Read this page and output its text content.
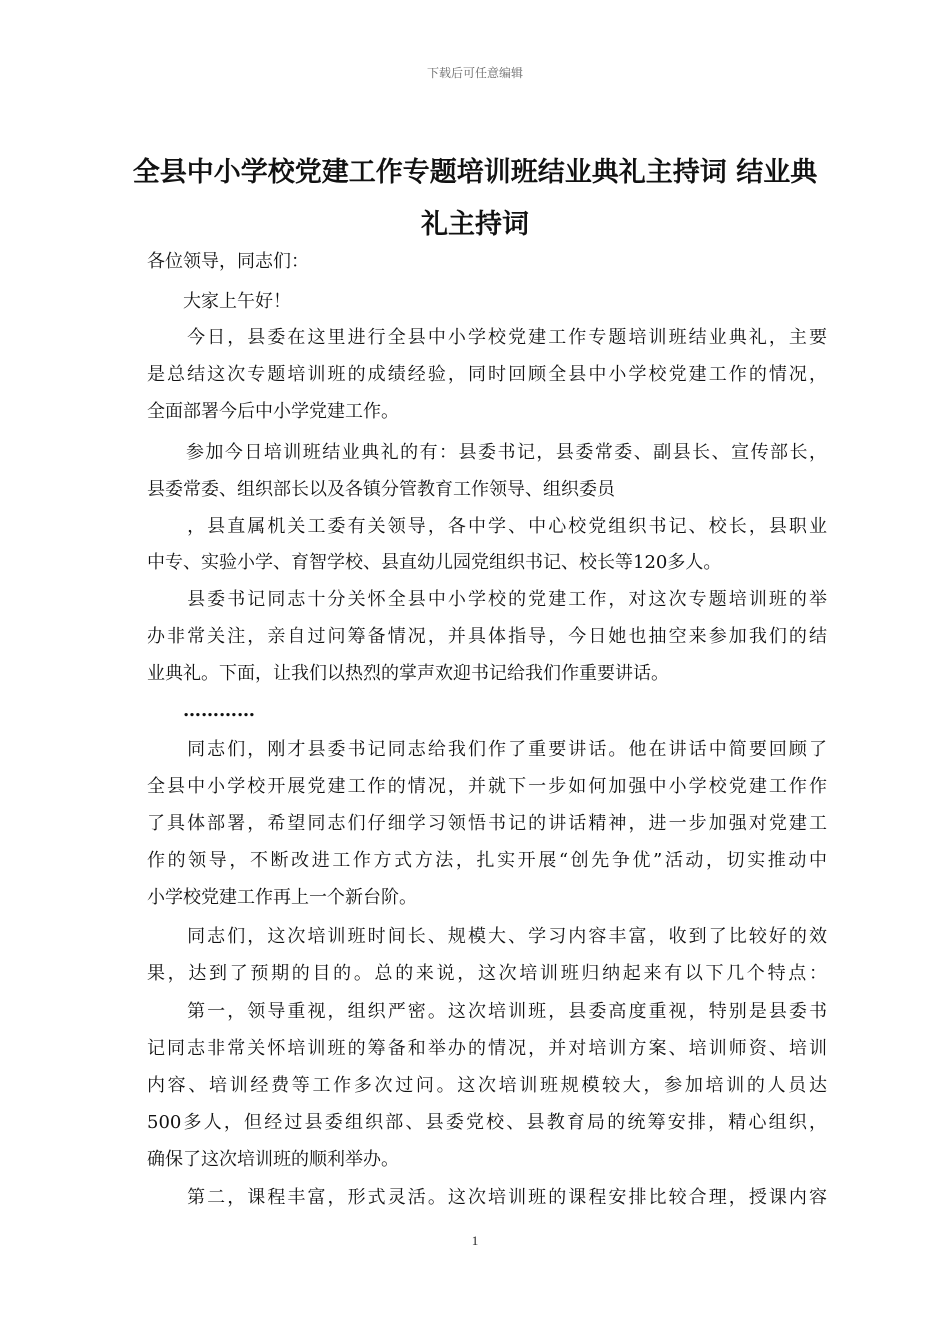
下载后可任意编辑
全县中小学校党建工作专题培训班结业典礼主持词 结业典
礼主持词
各位领导，同志们：
　　大家上午好！
　　今日，县委在这里进行全县中小学校党建工作专题培训班结业典礼，主要
是总结这次专题培训班的成绩经验，同时回顾全县中小学校党建工作的情况，
全面部署今后中小学党建工作。
　　参加今日培训班结业典礼的有：县委书记，县委常委、副县长、宣传部长，
县委常委、组织部长以及各镇分管教育工作领导、组织委员
　　，县直属机关工委有关领导，各中学、中心校党组织书记、校长，县职业
中专、实验小学、育智学校、县直幼儿园党组织书记、校长等120多人。
　　县委书记同志十分关怀全县中小学校的党建工作，对这次专题培训班的举
办非常关注，亲自过问筹备情况，并具体指导，今日她也抽空来参加我们的结
业典礼。下面，让我们以热烈的掌声欢迎书记给我们作重要讲话。
　　…………
　　同志们，刚才县委书记同志给我们作了重要讲话。他在讲话中简要回顾了
全县中小学校开展党建工作的情况，并就下一步如何加强中小学校党建工作作
了具体部署，希望同志们仔细学习领悟书记的讲话精神，进一步加强对党建工
作的领导，不断改进工作方式方法，扎实开展“创先争优”活动，切实推动中
小学校党建工作再上一个新台阶。
　　同志们，这次培训班时间长、规模大、学习内容丰富，收到了比较好的效
果，达到了预期的目的。总的来说，这次培训班归纳起来有以下几个特点：
　　第一，领导重视，组织严密。这次培训班，县委高度重视，特别是县委书
记同志非常关怀培训班的筹备和举办的情况，并对培训方案、培训师资、培训
内容、培训经费等工作多次过问。这次培训班规模较大，参加培训的人员达
500多人，但经过县委组织部、县委党校、县教育局的统筹安排，精心组织，
确保了这次培训班的顺利举办。
　　第二，课程丰富，形式灵活。这次培训班的课程安排比较合理，授课内容
1
